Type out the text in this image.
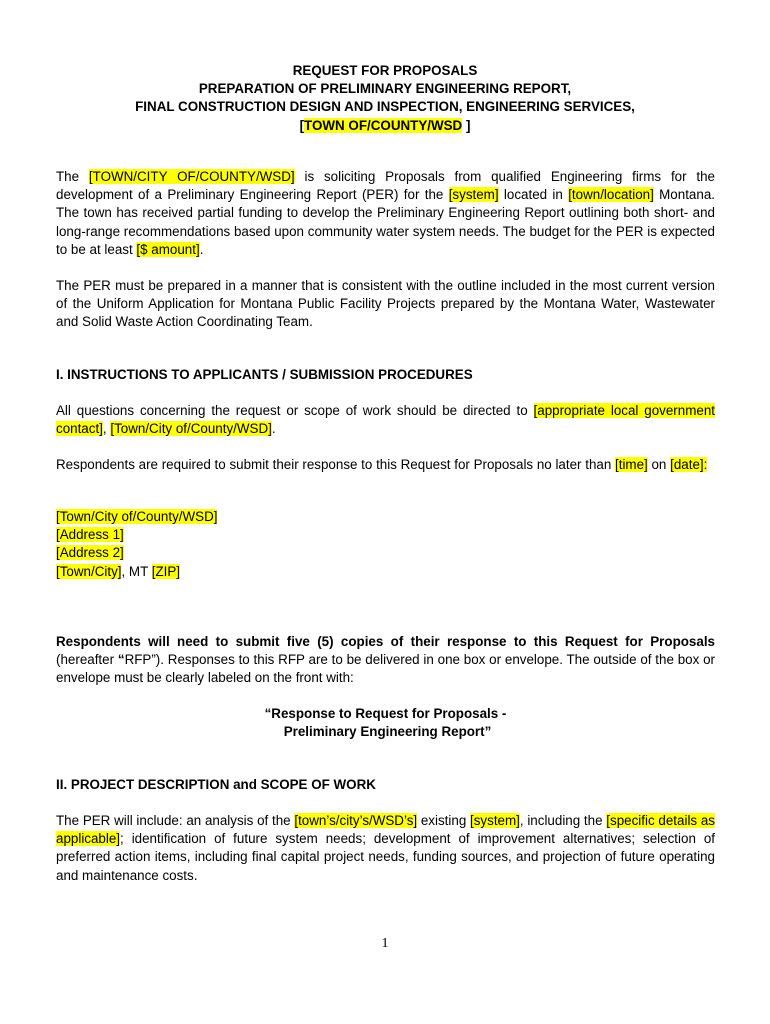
REQUEST FOR PROPOSALS
PREPARATION OF PRELIMINARY ENGINEERING REPORT,
FINAL CONSTRUCTION DESIGN AND INSPECTION, ENGINEERING SERVICES,
[TOWN OF/COUNTY/WSD ]
The [TOWN/CITY OF/COUNTY/WSD] is soliciting Proposals from qualified Engineering firms for the development of a Preliminary Engineering Report (PER) for the [system] located in [town/location] Montana. The town has received partial funding to develop the Preliminary Engineering Report outlining both short- and long-range recommendations based upon community water system needs. The budget for the PER is expected to be at least [$ amount].
The PER must be prepared in a manner that is consistent with the outline included in the most current version of the Uniform Application for Montana Public Facility Projects prepared by the Montana Water, Wastewater and Solid Waste Action Coordinating Team.
I. INSTRUCTIONS TO APPLICANTS / SUBMISSION PROCEDURES
All questions concerning the request or scope of work should be directed to [appropriate local government contact], [Town/City of/County/WSD].
Respondents are required to submit their response to this Request for Proposals no later than [time] on [date]:
[Town/City of/County/WSD]
[Address 1]
[Address 2]
[Town/City], MT [ZIP]
Respondents will need to submit five (5) copies of their response to this Request for Proposals (hereafter “RFP”). Responses to this RFP are to be delivered in one box or envelope. The outside of the box or envelope must be clearly labeled on the front with:
“Response to Request for Proposals -
Preliminary Engineering Report”
II. PROJECT DESCRIPTION and SCOPE OF WORK
The PER will include: an analysis of the [town’s/city’s/WSD’s] existing [system], including the [specific details as applicable]; identification of future system needs; development of improvement alternatives; selection of preferred action items, including final capital project needs, funding sources, and projection of future operating and maintenance costs.
1
